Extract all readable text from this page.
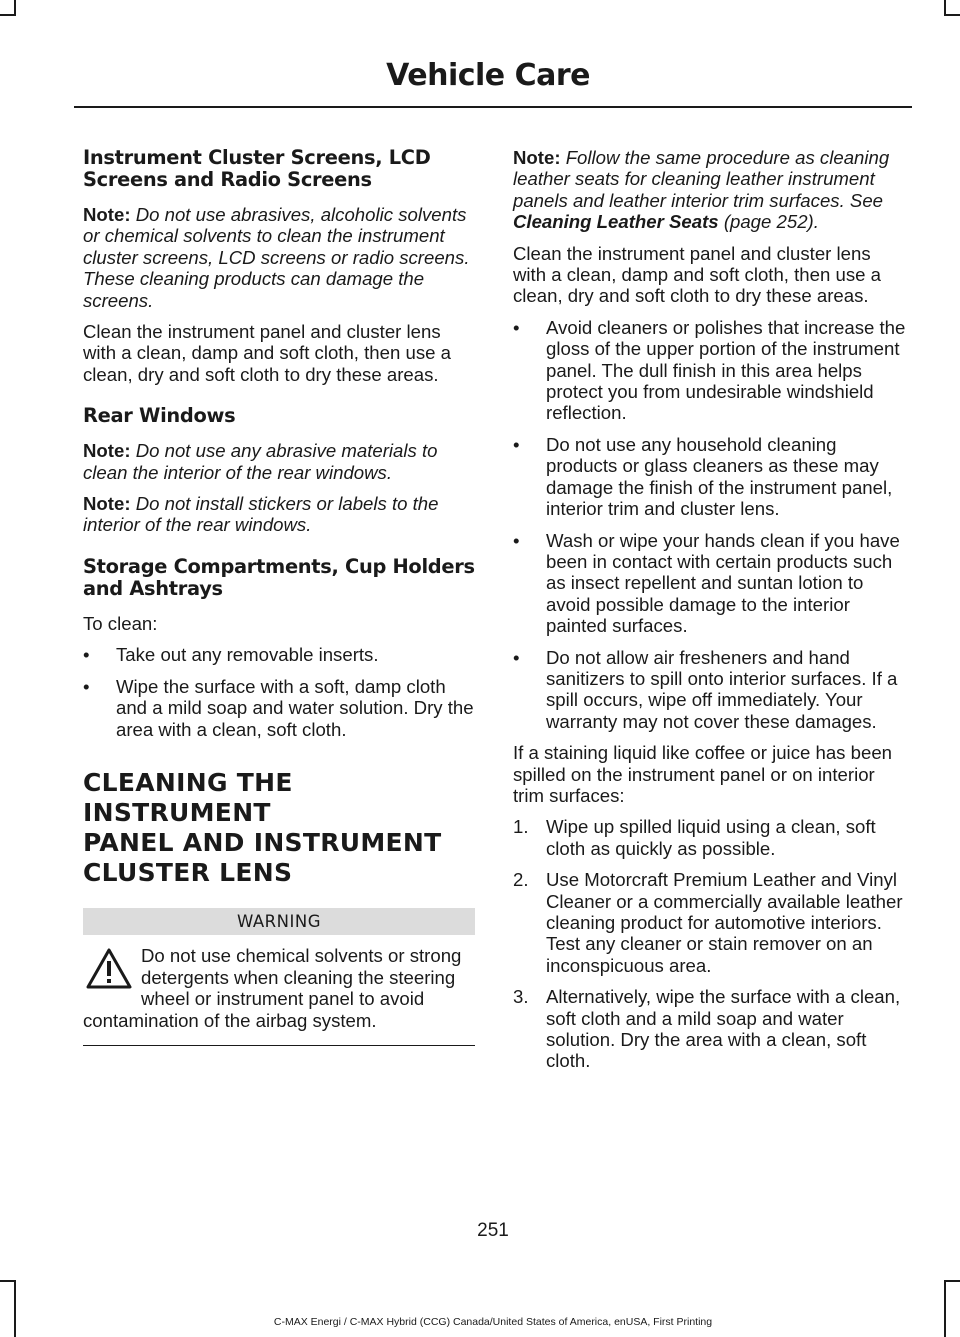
Vehicle Care
Instrument Cluster Screens, LCD Screens and Radio Screens

Note: Do not use abrasives, alcoholic solvents or chemical solvents to clean the instrument cluster screens, LCD screens or radio screens. These cleaning products can damage the screens.

Clean the instrument panel and cluster lens with a clean, damp and soft cloth, then use a clean, dry and soft cloth to dry these areas.

Rear Windows

Note: Do not use any abrasive materials to clean the interior of the rear windows.

Note: Do not install stickers or labels to the interior of the rear windows.

Storage Compartments, Cup Holders and Ashtrays

To clean:

• Take out any removable inserts.
• Wipe the surface with a soft, damp cloth and a mild soap and water solution. Dry the area with a clean, soft cloth.
CLEANING THE INSTRUMENT
PANEL AND INSTRUMENT
CLUSTER LENS
WARNING
Do not use chemical solvents or strong detergents when cleaning the steering wheel or instrument panel to avoid contamination of the airbag system.

Note: Follow the same procedure as cleaning leather seats for cleaning leather instrument panels and leather interior trim surfaces. See Cleaning Leather Seats (page 252).

Clean the instrument panel and cluster lens with a clean, damp and soft cloth, then use a clean, dry and soft cloth to dry these areas.

• Avoid cleaners or polishes that increase the gloss of the upper portion of the instrument panel. The dull finish in this area helps protect you from undesirable windshield reflection.
• Do not use any household cleaning products or glass cleaners as these may damage the finish of the instrument panel, interior trim and cluster lens.
• Wash or wipe your hands clean if you have been in contact with certain products such as insect repellent and suntan lotion to avoid possible damage to the interior painted surfaces.
• Do not allow air fresheners and hand sanitizers to spill onto interior surfaces. If a spill occurs, wipe off immediately. Your warranty may not cover these damages.

If a staining liquid like coffee or juice has been spilled on the instrument panel or on interior trim surfaces:

1. Wipe up spilled liquid using a clean, soft cloth as quickly as possible.
2. Use Motorcraft Premium Leather and Vinyl Cleaner or a commercially available leather cleaning product for automotive interiors. Test any cleaner or stain remover on an inconspicuous area.
3. Alternatively, wipe the surface with a clean, soft cloth and a mild soap and water solution. Dry the area with a clean, soft cloth.
251
C-MAX Energi / C-MAX Hybrid (CCG) Canada/United States of America, enUSA, First Printing
